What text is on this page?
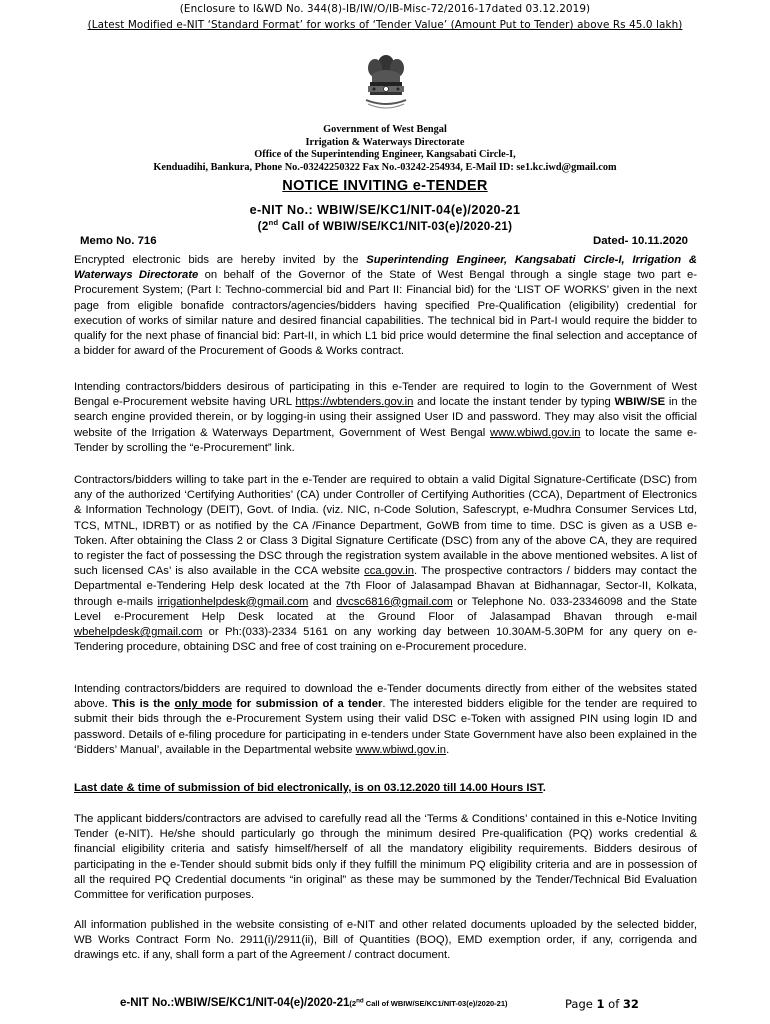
(Enclosure to I&WD No. 344(8)-IB/IW/O/IB-Misc-72/2016-17dated 03.12.2019)
(Latest Modified e-NIT ‘Standard Format’ for works of ‘Tender Value’ (Amount Put to Tender) above Rs 45.0 lakh)
Government of West Bengal
Irrigation & Waterways Directorate
Office of the Superintending Engineer, Kangsabati Circle-I,
Kenduadihi, Bankura, Phone No.-03242250322 Fax No.-03242-254934, E-Mail ID: se1.kc.iwd@gmail.com
NOTICE INVITING e-TENDER
e-NIT No.: WBIW/SE/KC1/NIT-04(e)/2020-21
(2nd Call of WBIW/SE/KC1/NIT-03(e)/2020-21)
Memo No. 716	Dated- 10.11.2020

Encrypted electronic bids are hereby invited by the Superintending Engineer, Kangsabati Circle-I, Irrigation & Waterways Directorate on behalf of the Governor of the State of West Bengal through a single stage two part e-Procurement System; (Part I: Techno-commercial bid and Part II: Financial bid) for the ‘LIST OF WORKS’ given in the next page from eligible bonafide contractors/agencies/bidders having specified Pre-Qualification (eligibility) credential for execution of works of similar nature and desired financial capabilities. The technical bid in Part-I would require the bidder to qualify for the next phase of financial bid: Part-II, in which L1 bid price would determine the final selection and acceptance of a bidder for award of the Procurement of Goods & Works contract.

Intending contractors/bidders desirous of participating in this e-Tender are required to login to the Government of West Bengal e-Procurement website having URL https://wbtenders.gov.in and locate the instant tender by typing WBIW/SE in the search engine provided therein, or by logging-in using their assigned User ID and password. They may also visit the official website of the Irrigation & Waterways Department, Government of West Bengal www.wbiwd.gov.in to locate the same e-Tender by scrolling the “e-Procurement” link.

Contractors/bidders willing to take part in the e-Tender are required to obtain a valid Digital Signature-Certificate (DSC) from any of the authorized ‘Certifying Authorities’ (CA) under Controller of Certifying Authorities (CCA), Department of Electronics & Information Technology (DEIT), Govt. of India. (viz. NIC, n-Code Solution, Safescrypt, e-Mudhra Consumer Services Ltd, TCS, MTNL, IDRBT) or as notified by the CA /Finance Department, GoWB from time to time. DSC is given as a USB e-Token. After obtaining the Class 2 or Class 3 Digital Signature Certificate (DSC) from any of the above CA, they are required to register the fact of possessing the DSC through the registration system available in the above mentioned websites. A list of such licensed CAs’ is also available in the CCA website cca.gov.in. The prospective contractors / bidders may contact the Departmental e-Tendering Help desk located at the 7th Floor of Jalasampad Bhavan at Bidhannagar, Sector-II, Kolkata, through e-mails irrigationhelpdesk@gmail.com and dvcsc6816@gmail.com or Telephone No. 033-23346098 and the State Level e-Procurement Help Desk located at the Ground Floor of Jalasampad Bhavan through e-mail wbehelpdesk@gmail.com or Ph:(033)-2334 5161 on any working day between 10.30AM-5.30PM for any query on e-Tendering procedure, obtaining DSC and free of cost training on e-Procurement procedure.

Intending contractors/bidders are required to download the e-Tender documents directly from either of the websites stated above. This is the only mode for submission of a tender. The interested bidders eligible for the tender are required to submit their bids through the e-Procurement System using their valid DSC e-Token with assigned PIN using login ID and password. Details of e-filing procedure for participating in e-tenders under State Government have also been explained in the ‘Bidders’ Manual’, available in the Departmental website www.wbiwd.gov.in.

Last date & time of submission of bid electronically, is on 03.12.2020 till 14.00 Hours IST.

The applicant bidders/contractors are advised to carefully read all the ‘Terms & Conditions’ contained in this e-Notice Inviting Tender (e-NIT). He/she should particularly go through the minimum desired Pre-qualification (PQ) works credential & financial eligibility criteria and satisfy himself/herself of all the mandatory eligibility requirements. Bidders desirous of participating in the e-Tender should submit bids only if they fulfill the minimum PQ eligibility criteria and are in possession of all the required PQ Credential documents “in original” as these may be summoned by the Tender/Technical Bid Evaluation Committee for verification purposes.

All information published in the website consisting of e-NIT and other related documents uploaded by the selected bidder, WB Works Contract Form No. 2911(i)/2911(ii), Bill of Quantities (BOQ), EMD exemption order, if any, corrigenda and drawings etc. if any, shall form a part of the Agreement / contract document.

e-NIT No.:WBIW/SE/KC1/NIT-04(e)/2020-21(2nd Call of WBIW/SE/KC1/NIT-03(e)/2020-21)	Page 1 of 32
